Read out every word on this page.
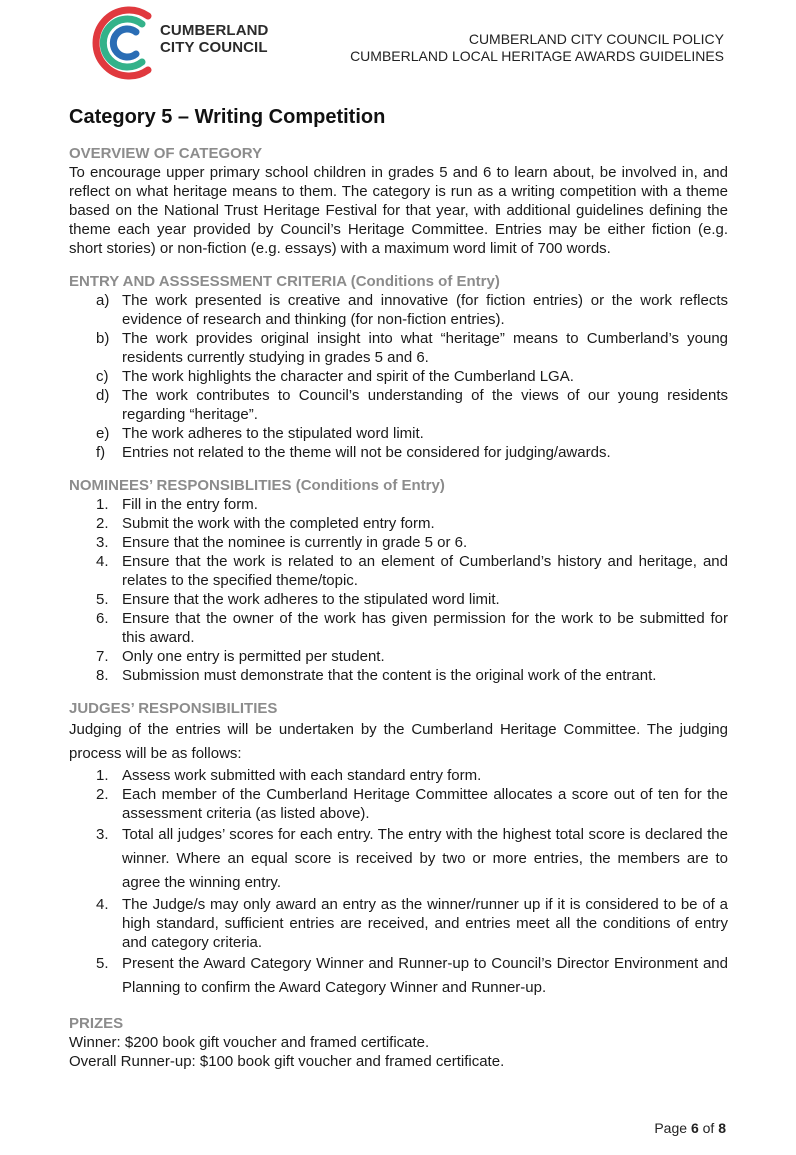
CUMBERLAND
CITY COUNCIL	CUMBERLAND CITY COUNCIL POLICY
CUMBERLAND LOCAL HERITAGE AWARDS GUIDELINES
Category 5 – Writing Competition

OVERVIEW OF CATEGORY

To encourage upper primary school children in grades 5 and 6 to learn about, be involved in, and reflect on what heritage means to them. The category is run as a writing competition with a theme based on the National Trust Heritage Festival for that year, with additional guidelines defining the theme each year provided by Council’s Heritage Committee. Entries may be either fiction (e.g. short stories) or non-fiction (e.g. essays) with a maximum word limit of 700 words.

ENTRY AND ASSSESSMENT CRITERIA (Conditions of Entry)

a) The work presented is creative and innovative (for fiction entries) or the work reflects evidence of research and thinking (for non-fiction entries).
b) The work provides original insight into what “heritage” means to Cumberland’s young residents currently studying in grades 5 and 6.
c) The work highlights the character and spirit of the Cumberland LGA.
d) The work contributes to Council’s understanding of the views of our young residents regarding “heritage”.
e) The work adheres to the stipulated word limit.
f) Entries not related to the theme will not be considered for judging/awards.

NOMINEES’ RESPONSIBLITIES (Conditions of Entry)

1. Fill in the entry form.
2. Submit the work with the completed entry form.
3. Ensure that the nominee is currently in grade 5 or 6.
4. Ensure that the work is related to an element of Cumberland’s history and heritage, and relates to the specified theme/topic.
5. Ensure that the work adheres to the stipulated word limit.
6. Ensure that the owner of the work has given permission for the work to be submitted for this award.
7. Only one entry is permitted per student.
8. Submission must demonstrate that the content is the original work of the entrant.

JUDGES’ RESPONSIBILITIES

Judging of the entries will be undertaken by the Cumberland Heritage Committee. The judging process will be as follows:

1. Assess work submitted with each standard entry form.
2. Each member of the Cumberland Heritage Committee allocates a score out of ten for the assessment criteria (as listed above).
3. Total all judges’ scores for each entry. The entry with the highest total score is declared the winner. Where an equal score is received by two or more entries, the members are to agree the winning entry.
4. The Judge/s may only award an entry as the winner/runner up if it is considered to be of a high standard, sufficient entries are received, and entries meet all the conditions of entry and category criteria.
5. Present the Award Category Winner and Runner-up to Council’s Director Environment and Planning to confirm the Award Category Winner and Runner-up.

PRIZES

Winner: $200 book gift voucher and framed certificate.

Overall Runner-up: $100 book gift voucher and framed certificate.

Page 6 of 8
